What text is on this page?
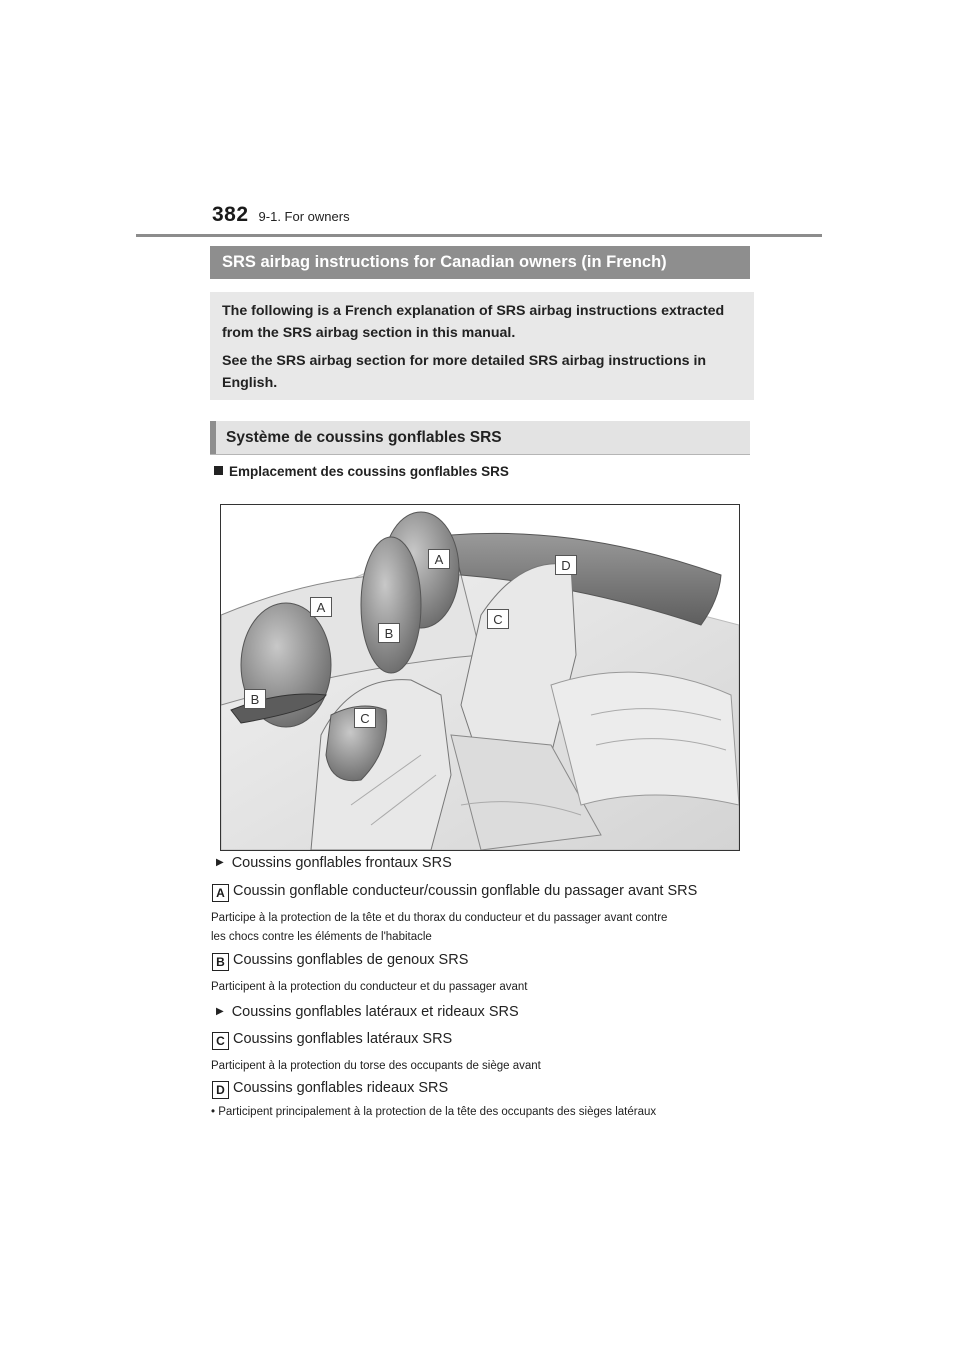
382 9-1. For owners
SRS airbag instructions for Canadian owners (in French)

The following is a French explanation of SRS airbag instructions extracted
from the SRS airbag section in this manual.

See the SRS airbag section for more detailed SRS airbag instructions in
English.

Système de coussins gonflables SRS
Emplacement des coussins gonflables SRS
A
A
B
B
C
C
D
▶ Coussins gonflables frontaux SRS
A Coussin gonflable conducteur/coussin gonflable du passager avant SRS
Participe à la protection de la tête et du thorax du conducteur et du passager avant contre
les chocs contre les éléments de l'habitacle
B Coussins gonflables de genoux SRS
Participent à la protection du conducteur et du passager avant
▶ Coussins gonflables latéraux et rideaux SRS
C Coussins gonflables latéraux SRS
Participent à la protection du torse des occupants de siège avant
D Coussins gonflables rideaux SRS
• Participent principalement à la protection de la tête des occupants des sièges latéraux
